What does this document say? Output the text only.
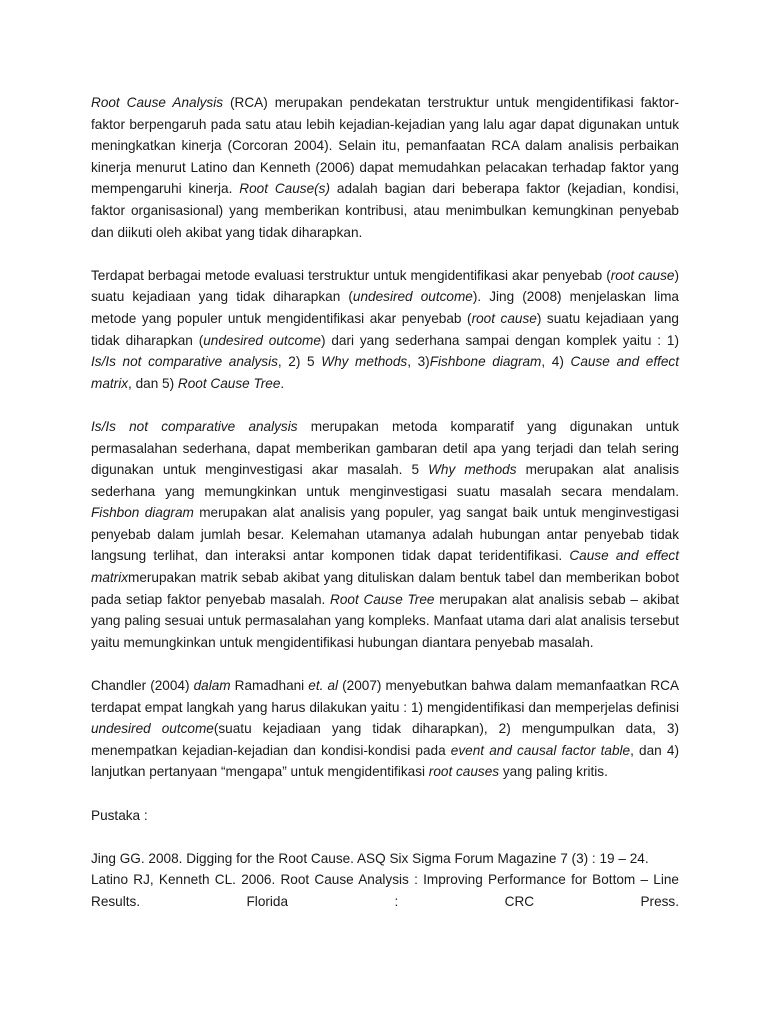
Root Cause Analysis (RCA) merupakan pendekatan terstruktur untuk mengidentifikasi faktor-faktor berpengaruh pada satu atau lebih kejadian-kejadian yang lalu agar dapat digunakan untuk meningkatkan kinerja (Corcoran 2004). Selain itu, pemanfaatan RCA dalam analisis perbaikan kinerja menurut Latino dan Kenneth (2006) dapat memudahkan pelacakan terhadap faktor yang mempengaruhi kinerja. Root Cause(s) adalah bagian dari beberapa faktor (kejadian, kondisi, faktor organisasional) yang memberikan kontribusi, atau menimbulkan kemungkinan penyebab dan diikuti oleh akibat yang tidak diharapkan.

Terdapat berbagai metode evaluasi terstruktur untuk mengidentifikasi akar penyebab (root cause) suatu kejadiaan yang tidak diharapkan (undesired outcome). Jing (2008) menjelaskan lima metode yang populer untuk mengidentifikasi akar penyebab (root cause) suatu kejadiaan yang tidak diharapkan (undesired outcome) dari yang sederhana sampai dengan komplek yaitu : 1) Is/Is not comparative analysis, 2) 5 Why methods, 3)Fishbone diagram, 4) Cause and effect matrix, dan 5) Root Cause Tree.

Is/Is not comparative analysis merupakan metoda komparatif yang digunakan untuk permasalahan sederhana, dapat memberikan gambaran detil apa yang terjadi dan telah sering digunakan untuk menginvestigasi akar masalah. 5 Why methods merupakan alat analisis sederhana yang memungkinkan untuk menginvestigasi suatu masalah secara mendalam. Fishbon diagram merupakan alat analisis yang populer, yag sangat baik untuk menginvestigasi penyebab dalam jumlah besar. Kelemahan utamanya adalah hubungan antar penyebab tidak langsung terlihat, dan interaksi antar komponen tidak dapat teridentifikasi. Cause and effect matrixmerupakan matrik sebab akibat yang dituliskan dalam bentuk tabel dan memberikan bobot pada setiap faktor penyebab masalah. Root Cause Tree merupakan alat analisis sebab – akibat yang paling sesuai untuk permasalahan yang kompleks. Manfaat utama dari alat analisis tersebut yaitu memungkinkan untuk mengidentifikasi hubungan diantara penyebab masalah.

Chandler (2004) dalam Ramadhani et. al (2007) menyebutkan bahwa dalam memanfaatkan RCA terdapat empat langkah yang harus dilakukan yaitu : 1) mengidentifikasi dan memperjelas definisi undesired outcome(suatu kejadiaan yang tidak diharapkan), 2) mengumpulkan data, 3) menempatkan kejadian-kejadian dan kondisi-kondisi pada event and causal factor table, dan 4) lanjutkan pertanyaan “mengapa” untuk mengidentifikasi root causes yang paling kritis.

Pustaka :

Jing GG. 2008. Digging for the Root Cause. ASQ Six Sigma Forum Magazine 7 (3) : 19 – 24.

Latino RJ, Kenneth CL. 2006. Root Cause Analysis : Improving Performance for Bottom – Line Results. Florida : CRC Press.
